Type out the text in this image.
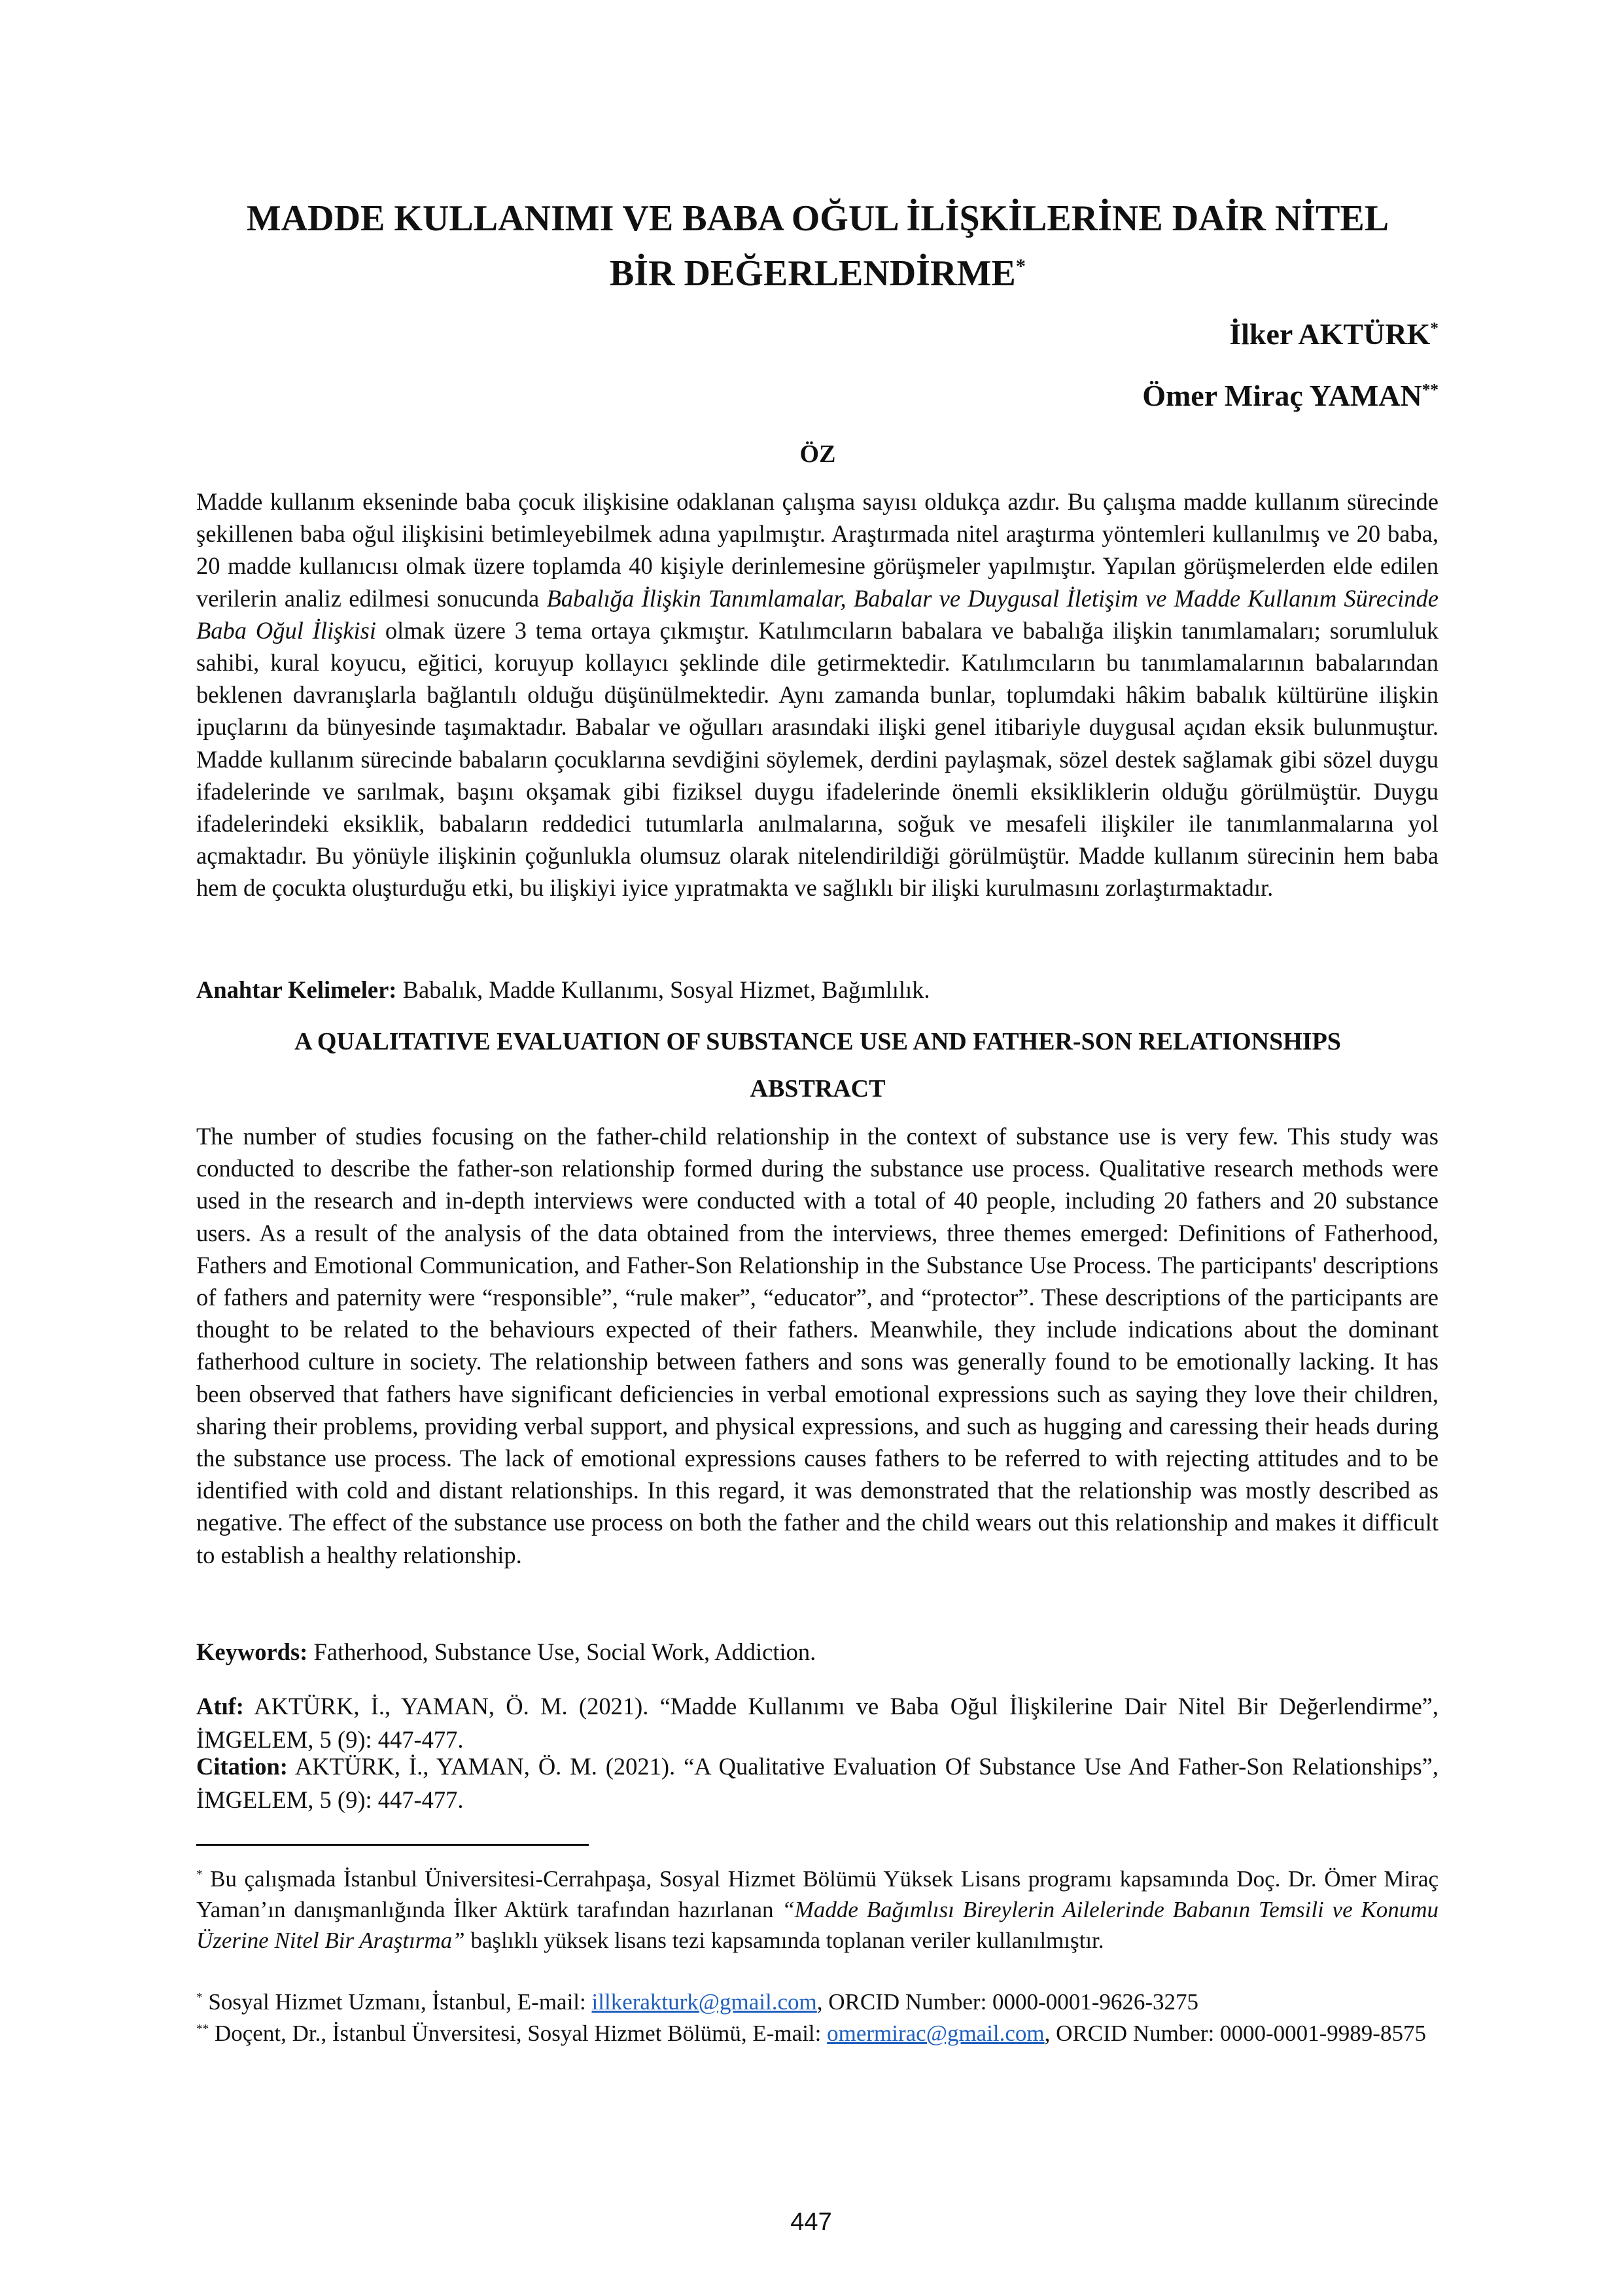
MADDE KULLANIMI VE BABA OĞUL İLİŞKİLERİNE DAİR NİTEL
BİR DEĞERLENDİRME*
İlker AKTÜRK*
Ömer Miraç YAMAN**
ÖZ
Madde kullanım ekseninde baba çocuk ilişkisine odaklanan çalışma sayısı oldukça azdır. Bu çalışma madde kullanım sürecinde şekillenen baba oğul ilişkisini betimleyebilmek adına yapılmıştır. Araştırmada nitel araştırma yöntemleri kullanılmış ve 20 baba, 20 madde kullanıcısı olmak üzere toplamda 40 kişiyle derinlemesine görüşmeler yapılmıştır. Yapılan görüşmelerden elde edilen verilerin analiz edilmesi sonucunda Babalığa İlişkin Tanımlamalar, Babalar ve Duygusal İletişim ve Madde Kullanım Sürecinde Baba Oğul İlişkisi olmak üzere 3 tema ortaya çıkmıştır. Katılımcıların babalara ve babalığa ilişkin tanımlamaları; sorumluluk sahibi, kural koyucu, eğitici, koruyup kollayıcı şeklinde dile getirmektedir. Katılımcıların bu tanımlamalarının babalarından beklenen davranışlarla bağlantılı olduğu düşünülmektedir. Aynı zamanda bunlar, toplumdaki hâkim babalık kültürüne ilişkin ipuçlarını da bünyesinde taşımaktadır. Babalar ve oğulları arasındaki ilişki genel itibariyle duygusal açıdan eksik bulunmuştur. Madde kullanım sürecinde babaların çocuklarına sevdiğini söylemek, derdini paylaşmak, sözel destek sağlamak gibi sözel duygu ifadelerinde ve sarılmak, başını okşamak gibi fiziksel duygu ifadelerinde önemli eksikliklerin olduğu görülmüştür. Duygu ifadelerindeki eksiklik, babaların reddedici tutumlarla anılmalarına, soğuk ve mesafeli ilişkiler ile tanımlanmalarına yol açmaktadır. Bu yönüyle ilişkinin çoğunlukla olumsuz olarak nitelendirildiği görülmüştür. Madde kullanım sürecinin hem baba hem de çocukta oluşturduğu etki, bu ilişkiyi iyice yıpratmakta ve sağlıklı bir ilişki kurulmasını zorlaştırmaktadır.
Anahtar Kelimeler: Babalık, Madde Kullanımı, Sosyal Hizmet, Bağımlılık.
A QUALITATIVE EVALUATION OF SUBSTANCE USE AND FATHER-SON RELATIONSHIPS
ABSTRACT
The number of studies focusing on the father-child relationship in the context of substance use is very few. This study was conducted to describe the father-son relationship formed during the substance use process. Qualitative research methods were used in the research and in-depth interviews were conducted with a total of 40 people, including 20 fathers and 20 substance users. As a result of the analysis of the data obtained from the interviews, three themes emerged: Definitions of Fatherhood, Fathers and Emotional Communication, and Father-Son Relationship in the Substance Use Process. The participants' descriptions of fathers and paternity were “responsible”, “rule maker”, “educator”, and “protector”. These descriptions of the participants are thought to be related to the behaviours expected of their fathers. Meanwhile, they include indications about the dominant fatherhood culture in society. The relationship between fathers and sons was generally found to be emotionally lacking. It has been observed that fathers have significant deficiencies in verbal emotional expressions such as saying they love their children, sharing their problems, providing verbal support, and physical expressions, and such as hugging and caressing their heads during the substance use process. The lack of emotional expressions causes fathers to be referred to with rejecting attitudes and to be identified with cold and distant relationships. In this regard, it was demonstrated that the relationship was mostly described as negative. The effect of the substance use process on both the father and the child wears out this relationship and makes it difficult to establish a healthy relationship.
Keywords: Fatherhood, Substance Use, Social Work, Addiction.
Atıf: AKTÜRK, İ., YAMAN, Ö. M. (2021). “Madde Kullanımı ve Baba Oğul İlişkilerine Dair Nitel Bir Değerlendirme”, İMGELEM, 5 (9): 447-477.
Citation: AKTÜRK, İ., YAMAN, Ö. M. (2021). “A Qualitative Evaluation Of Substance Use And Father-Son Relationships”, İMGELEM, 5 (9): 447-477.
* Bu çalışmada İstanbul Üniversitesi-Cerrahpaşa, Sosyal Hizmet Bölümü Yüksek Lisans programı kapsamında Doç. Dr. Ömer Miraç Yaman’ın danışmanlığında İlker Aktürk tarafından hazırlanan “Madde Bağımlısı Bireylerin Ailelerinde Babanın Temsili ve Konumu Üzerine Nitel Bir Araştırma” başlıklı yüksek lisans tezi kapsamında toplanan veriler kullanılmıştır.
* Sosyal Hizmet Uzmanı, İstanbul, E-mail: illkerakturk@gmail.com, ORCID Number: 0000-0001-9626-3275
** Doçent, Dr., İstanbul Ünversitesi, Sosyal Hizmet Bölümü, E-mail: omermirac@gmail.com, ORCID Number: 0000-0001-9989-8575
447
